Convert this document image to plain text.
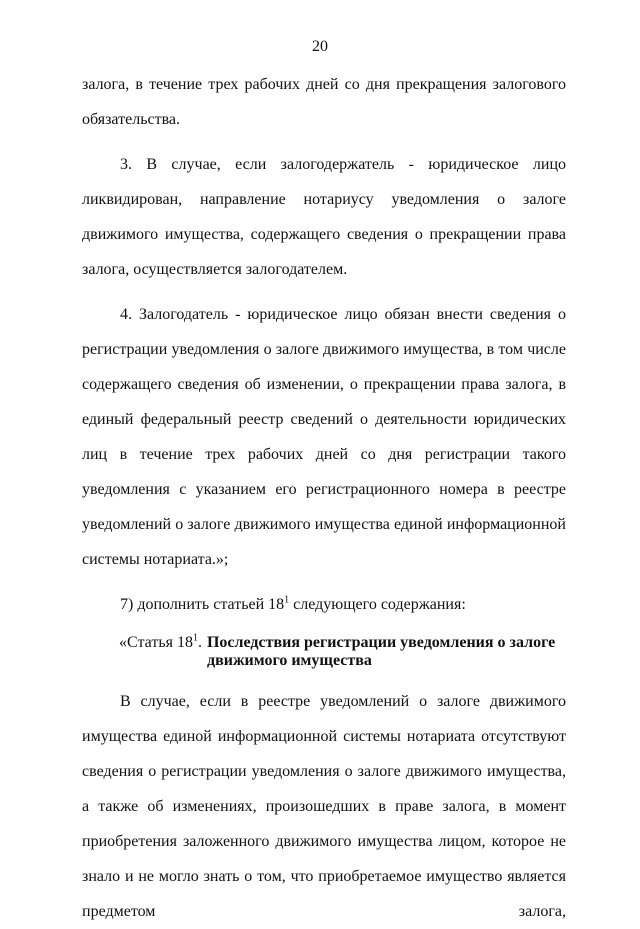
20

залога, в течение трех рабочих дней со дня прекращения залогового обязательства.

3. В случае, если залогодержатель - юридическое лицо ликвидирован, направление нотариусу уведомления о залоге движимого имущества, содержащего сведения о прекращении права залога, осуществляется залогодателем.

4. Залогодатель - юридическое лицо обязан внести сведения о регистрации уведомления о залоге движимого имущества, в том числе содержащего сведения об изменении, о прекращении права залога, в единый федеральный реестр сведений о деятельности юридических лиц в течение трех рабочих дней со дня регистрации такого уведомления с указанием его регистрационного номера в реестре уведомлений о залоге движимого имущества единой информационной системы нотариата.»;

7) дополнить статьей $18^1$ следующего содержания:

«Статья $18^1$. Последствия регистрации уведомления о залоге движимого имущества

В случае, если в реестре уведомлений о залоге движимого имущества единой информационной системы нотариата отсутствуют сведения о регистрации уведомления о залоге движимого имущества, а также об изменениях, произошедших в праве залога, в момент приобретения заложенного движимого имущества лицом, которое не знало и не могло знать о том, что приобретаемое имущество является предметом залога,
